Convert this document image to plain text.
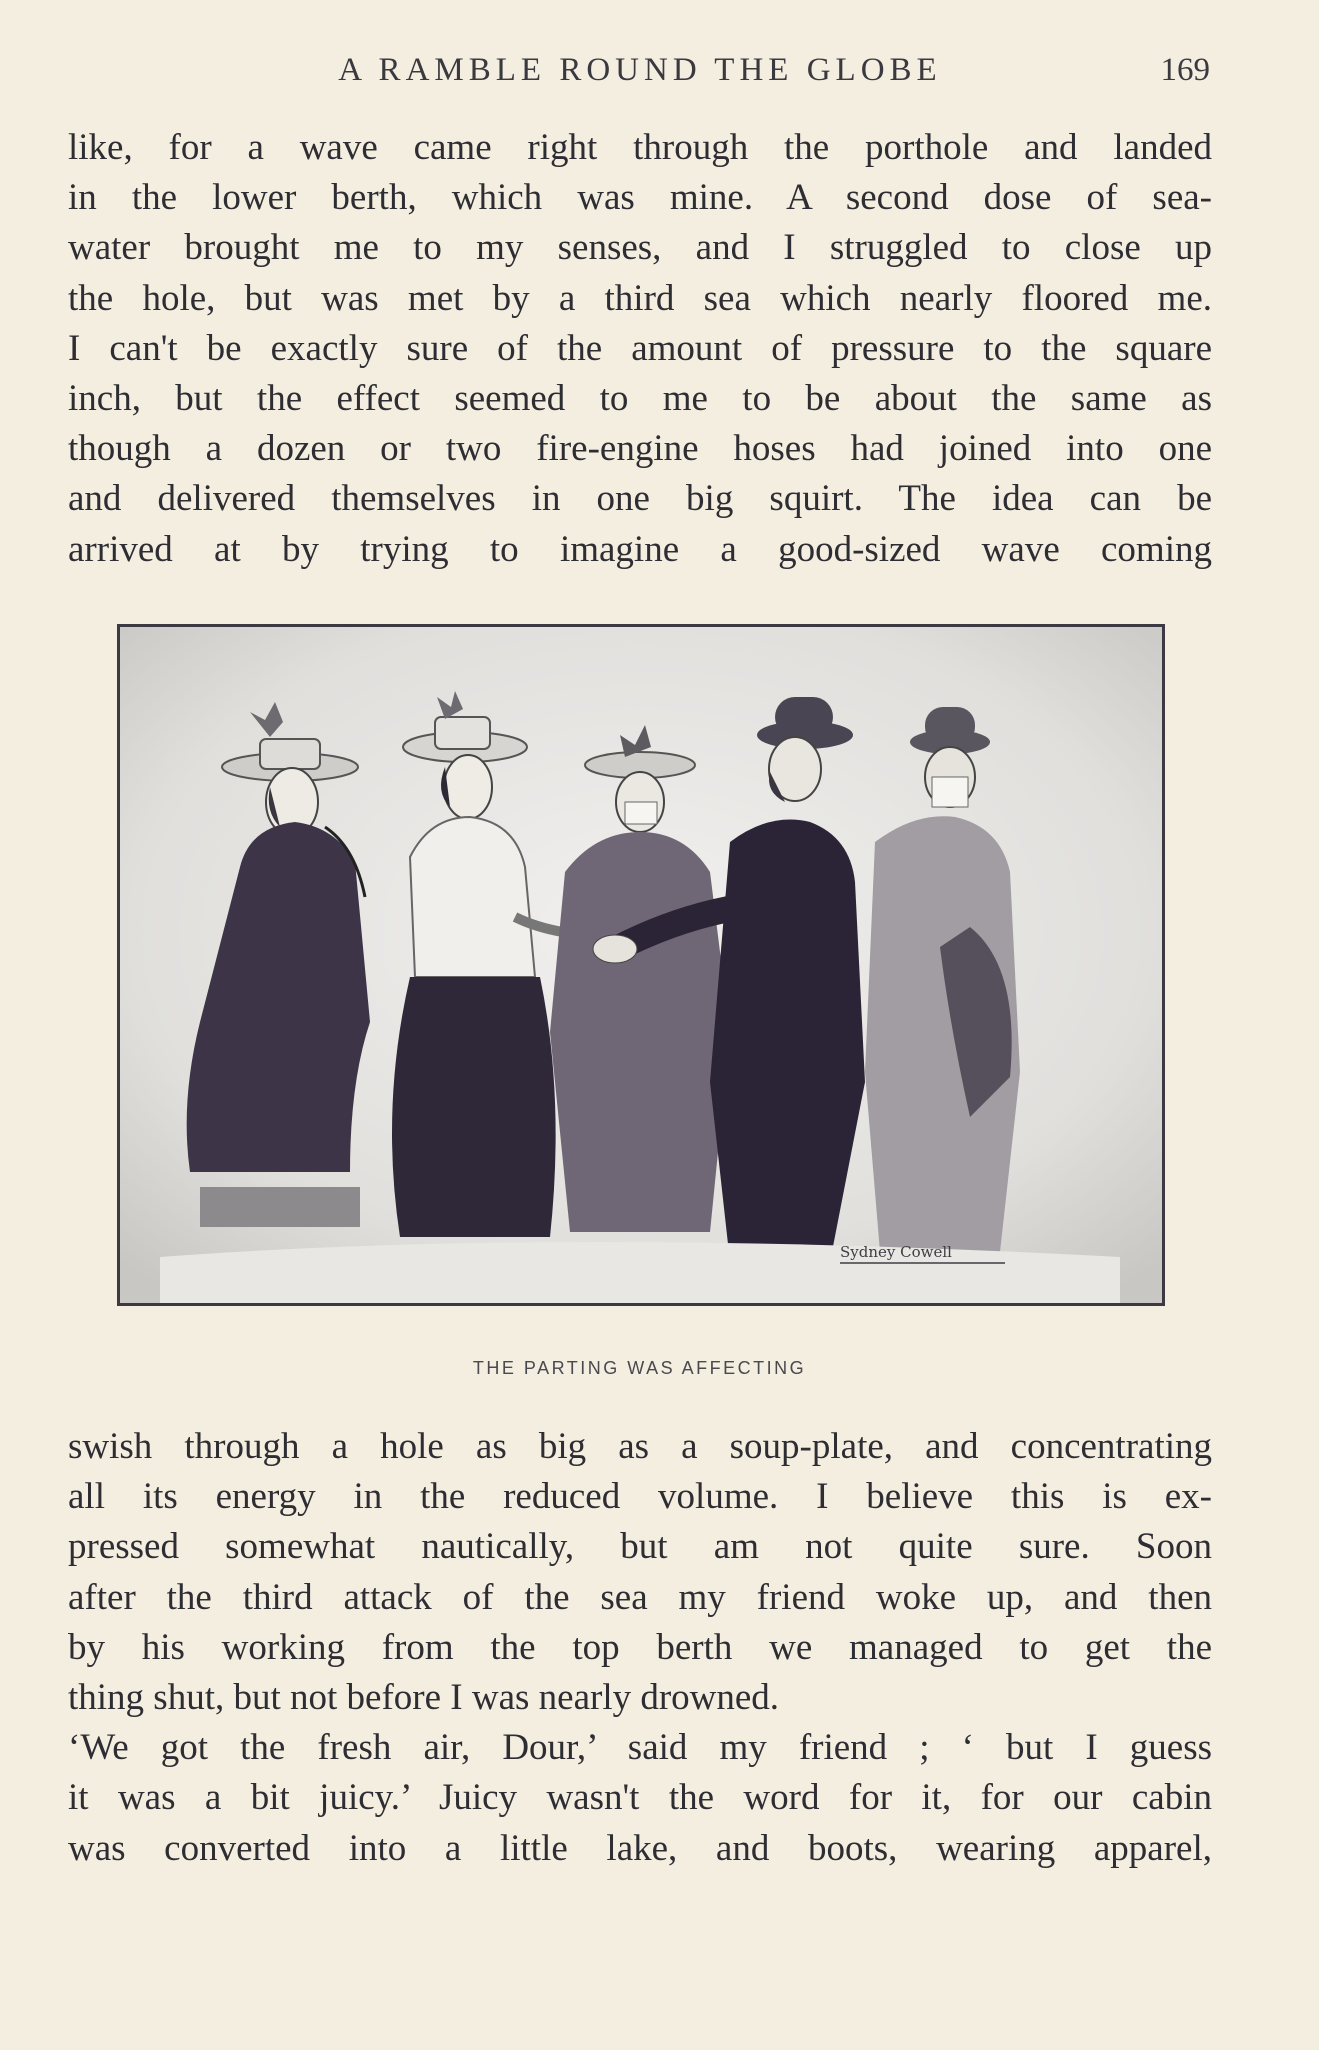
A RAMBLE ROUND THE GLOBE	169
like, for a wave came right through the porthole and landed
in the lower berth, which was mine. A second dose of sea-
water brought me to my senses, and I struggled to close up
the hole, but was met by a third sea which nearly floored me.
I can't be exactly sure of the amount of pressure to the square
inch, but the effect seemed to me to be about the same as
though a dozen or two fire-engine hoses had joined into one
and delivered themselves in one big squirt. The idea can be
arrived at by trying to imagine a good-sized wave coming
Sydney Cowell
THE PARTING WAS AFFECTING
swish through a hole as big as a soup-plate, and concentrating
all its energy in the reduced volume. I believe this is ex-
pressed somewhat nautically, but am not quite sure. Soon
after the third attack of the sea my friend woke up, and then
by his working from the top berth we managed to get the
thing shut, but not before I was nearly drowned.
‘We got the fresh air, Dour,’ said my friend ; ‘ but I guess
it was a bit juicy.’ Juicy wasn't the word for it, for our cabin
was converted into a little lake, and boots, wearing apparel,
